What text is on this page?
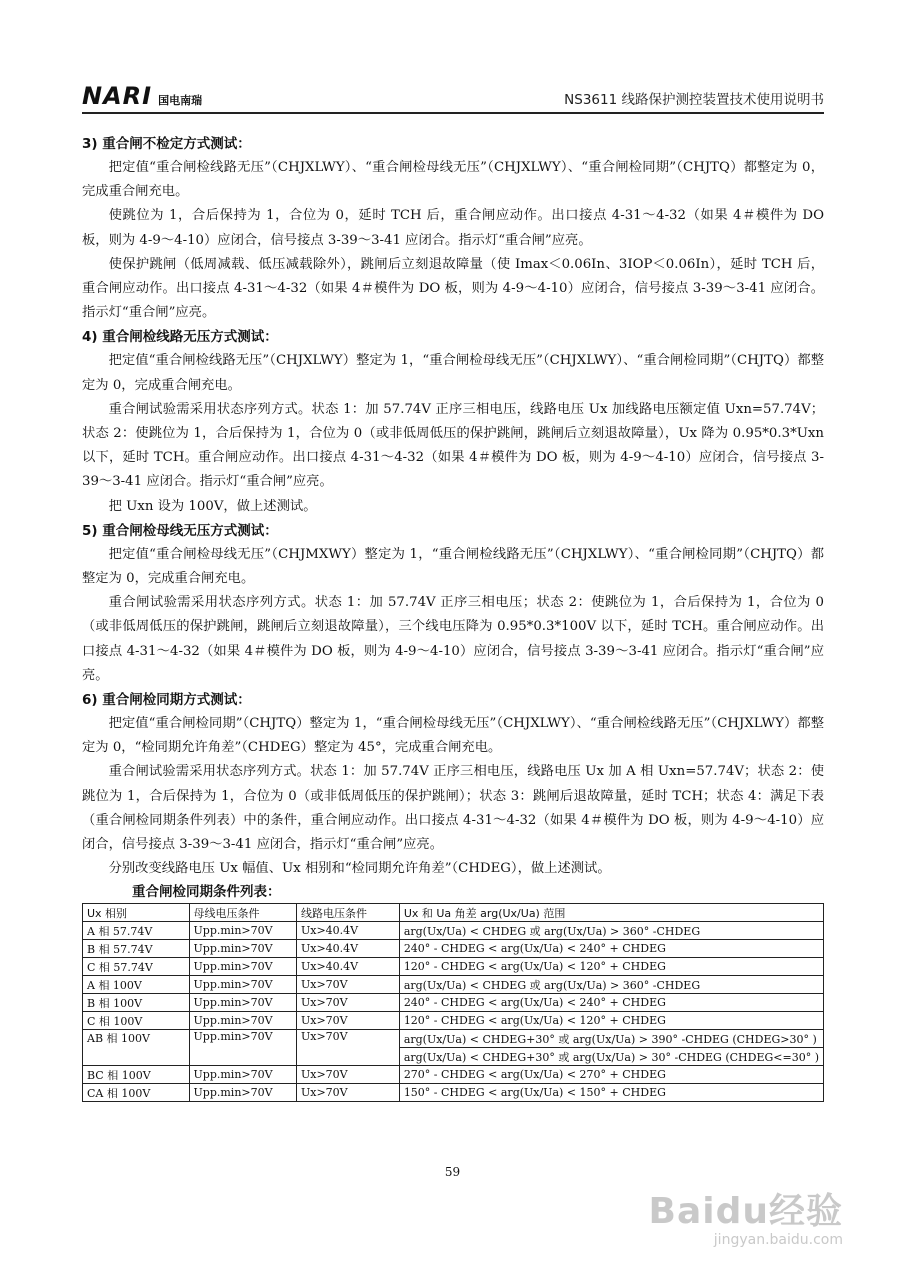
NARI 国电南瑞	NS3611 线路保护测控装置技术使用说明书
3) 重合闸不检定方式测试：

把定值“重合闸检线路无压”（CHJXLWY）、“重合闸检母线无压”（CHJXLWY）、“重合闸检同期”（CHJTQ）都整定为 0，完成重合闸充电。

使跳位为 1，合后保持为 1，合位为 0，延时 TCH 后，重合闸应动作。出口接点 4-31～4-32（如果 4＃模件为 DO 板，则为 4-9～4-10）应闭合，信号接点 3-39～3-41 应闭合。指示灯“重合闸”应亮。

使保护跳闸（低周减载、低压减载除外），跳闸后立刻退故障量（使 Imax＜0.06In、3IOP＜0.06In），延时 TCH 后，重合闸应动作。出口接点 4-31～4-32（如果 4＃模件为 DO 板，则为 4-9～4-10）应闭合，信号接点 3-39～3-41 应闭合。指示灯“重合闸”应亮。

4) 重合闸检线路无压方式测试：

把定值“重合闸检线路无压”（CHJXLWY）整定为 1，“重合闸检母线无压”（CHJXLWY）、“重合闸检同期”（CHJTQ）都整定为 0，完成重合闸充电。

重合闸试验需采用状态序列方式。状态 1：加 57.74V 正序三相电压，线路电压 Ux 加线路电压额定值 Uxn=57.74V；状态 2：使跳位为 1，合后保持为 1，合位为 0（或非低周低压的保护跳闸，跳闸后立刻退故障量），Ux 降为 0.95*0.3*Uxn 以下，延时 TCH。重合闸应动作。出口接点 4-31～4-32（如果 4＃模件为 DO 板，则为 4-9～4-10）应闭合，信号接点 3-39～3-41 应闭合。指示灯“重合闸”应亮。

把 Uxn 设为 100V，做上述测试。

5) 重合闸检母线无压方式测试：

把定值“重合闸检母线无压”（CHJMXWY）整定为 1，“重合闸检线路无压”（CHJXLWY）、“重合闸检同期”（CHJTQ）都整定为 0，完成重合闸充电。

重合闸试验需采用状态序列方式。状态 1：加 57.74V 正序三相电压；状态 2：使跳位为 1，合后保持为 1，合位为 0（或非低周低压的保护跳闸，跳闸后立刻退故障量），三个线电压降为 0.95*0.3*100V 以下，延时 TCH。重合闸应动作。出口接点 4-31～4-32（如果 4＃模件为 DO 板，则为 4-9～4-10）应闭合，信号接点 3-39～3-41 应闭合。指示灯“重合闸”应亮。

6) 重合闸检同期方式测试：

把定值“重合闸检同期”（CHJTQ）整定为 1，“重合闸检母线无压”（CHJXLWY）、“重合闸检线路无压”（CHJXLWY）都整定为 0，“检同期允许角差”（CHDEG）整定为 45°，完成重合闸充电。

重合闸试验需采用状态序列方式。状态 1：加 57.74V 正序三相电压，线路电压 Ux 加 A 相 Uxn=57.74V；状态 2：使跳位为 1，合后保持为 1，合位为 0（或非低周低压的保护跳闸）；状态 3：跳闸后退故障量，延时 TCH；状态 4：满足下表（重合闸检同期条件列表）中的条件，重合闸应动作。出口接点 4-31～4-32（如果 4＃模件为 DO 板，则为 4-9～4-10）应闭合，信号接点 3-39～3-41 应闭合，指示灯“重合闸”应亮。

分别改变线路电压 Ux 幅值、Ux 相别和“检同期允许角差”（CHDEG），做上述测试。

重合闸检同期条件列表：
Ux 相别	母线电压条件	线路电压条件	Ux 和 Ua 角差 arg(Ux/Ua) 范围
A 相 57.74V	Upp.min>70V	Ux>40.4V	arg(Ux/Ua) < CHDEG 或 arg(Ux/Ua) > 360° -CHDEG
B 相 57.74V	Upp.min>70V	Ux>40.4V	240° - CHDEG < arg(Ux/Ua) < 240° + CHDEG
C 相 57.74V	Upp.min>70V	Ux>40.4V	120° - CHDEG < arg(Ux/Ua) < 120° + CHDEG
A 相 100V	Upp.min>70V	Ux>70V	arg(Ux/Ua) < CHDEG 或 arg(Ux/Ua) > 360° -CHDEG
B 相 100V	Upp.min>70V	Ux>70V	240° - CHDEG < arg(Ux/Ua) < 240° + CHDEG
C 相 100V	Upp.min>70V	Ux>70V	120° - CHDEG < arg(Ux/Ua) < 120° + CHDEG
AB 相 100V	Upp.min>70V	Ux>70V	arg(Ux/Ua) < CHDEG+30° 或 arg(Ux/Ua) > 390° -CHDEG (CHDEG>30° )
			arg(Ux/Ua) < CHDEG+30° 或 arg(Ux/Ua) > 30° -CHDEG (CHDEG<=30° )
BC 相 100V	Upp.min>70V	Ux>70V	270° - CHDEG < arg(Ux/Ua) < 270° + CHDEG
CA 相 100V	Upp.min>70V	Ux>70V	150° - CHDEG < arg(Ux/Ua) < 150° + CHDEG
59
Baidu经验
jingyan.baidu.com
